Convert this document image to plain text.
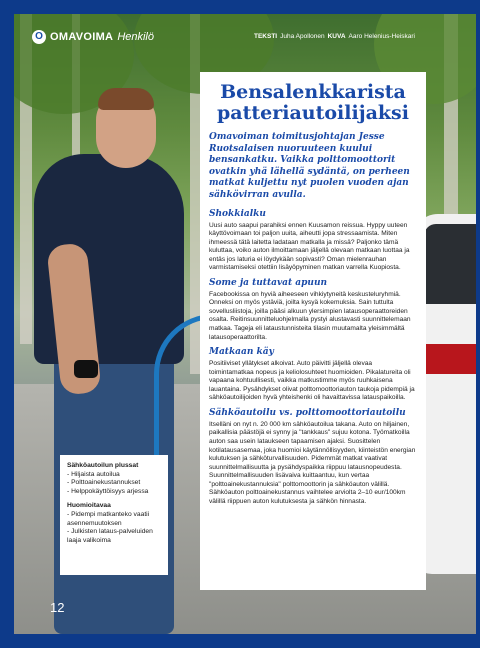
O OMAVOIMA Henkilö	TEKSTI Juha Apollonen KUVA Aaro Helenius-Heiskari
Bensalenkkarista patteriautoilijaksi

Omavoiman toimitusjohtajan Jesse Ruotsalaisen nuoruuteen kuului bensankatku. Vaikka polttomoottorit ovatkin yhä lähellä sydäntä, on perheen matkat kuljettu nyt puolen vuoden ajan sähkövirran avulla.

Shokkialku

Uusi auto saapui parahiksi ennen Kuusamon reissua. Hyppy uuteen käyttövoimaan toi paljon uuita, aiheutti jopa stressaamista. Miten ihmeessä tätä laitetta ladataan matkalla ja missä? Paljonko tämä kuluttaa, voiko auton ilmoittamaan jäljellä olevaan matkaan luottaa ja entäs jos laturia ei löydykään sopivasti? Oman mielenrauhan varmistamiseksi otettiin lisäyöpyminen matkan varrella Kuopiosta.

Some ja tuttavat apuun

Facebookissa on hyviä aiheeseen vihkiytyneitä keskusteluryhmiä. Onneksi on myös ystäviä, joilta kysyä kokemuksia. Sain tuttulta sovellusliistoja, joilla pääsi alkuun ylersimpien latausoperaattoreiden osalta. Reitinsuunnitteluohjelmalla pystyi alustavasti suunnittelemaan matkaa. Tageja eli lataustunnisteita tilasin muutamalta yleisimmältä latausoperaattorilta.

Matkaan käy

Positiiviset yllätykset alkoivat. Auto päivitti jäljellä olevaa toimintamatkaa nopeus ja keliolosuhteet huomioiden. Pikalatureita oli vapaana kohtuullisesti, vaikka matkustimme myös ruuhkaisena lauantaina. Pysähdykset olivat polttomoottoriauton taukoja pidempiä ja sähköautoilijoiden hyvä yhteishenki oli havaittavissa latauspaikoilla.

Sähköautoilu vs. polttomoottoriautoilu

Itselläni on nyt n. 20 000 km sähköautoilua takana. Auto on hiljainen, paikallisia päästöjä ei synny ja "tankkaus" sujuu kotona. Työmatkoilla auton saa usein lataukseen tapaamisen ajaksi. Suosittelen kotilatausasemaa, joka huomioi käytännöllisyyden, kiinteistön energian kulutuksen ja sähköturvallisuuden. Pidemmät matkat vaativat suunnittelmallisuutta ja pysähdyspaikka riippuu latausnopeudesta. Suunnittelmallisuuden lisävaiva kuittaantuu, kun vertaa "polttoainekustannuksia" polttomoottorin ja sähköauton välillä. Sähköauton polttoainekustannus vaihtelee arviolta 2–10 eur/100km välillä riippuen auton kulutuksesta ja sähkön hinnasta.

Sähköautoilun plussat
- Hiljaista autoilua
- Polttoainekustannukset
- Helppokäyttöisyys arjessa
Huomioitavaa
- Pidempi matkanteko vaatii asennemuutoksen
- Julkisten lataus-palveluiden laaja valikoima
12
